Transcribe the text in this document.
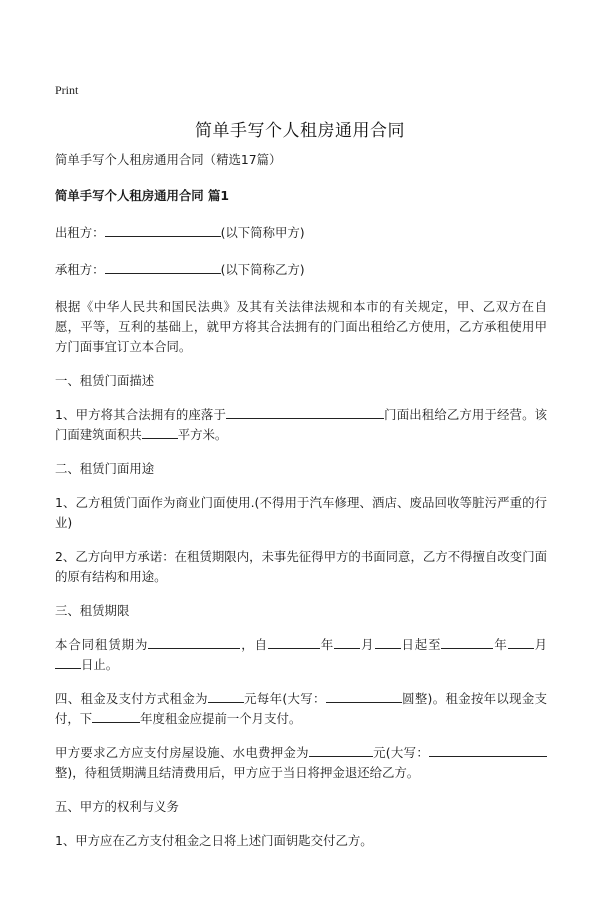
Print
简单手写个人租房通用合同

简单手写个人租房通用合同（精选17篇）

简单手写个人租房通用合同 篇1

出租方：	(以下简称甲方)

承租方：	(以下简称乙方)

根据《中华人民共和国民法典》及其有关法律法规和本市的有关规定，甲、乙双方在自愿，平等，互利的基础上，就甲方将其合法拥有的门面出租给乙方使用，乙方承租使用甲方门面事宜订立本合同。

一、租赁门面描述

1、甲方将其合法拥有的座落于	门面出租给乙方用于经营。该门面建筑面积共	平方米。

二、租赁门面用途

1、乙方租赁门面作为商业门面使用.(不得用于汽车修理、酒店、废品回收等脏污严重的行业)

2、乙方向甲方承诺：在租赁期限内，未事先征得甲方的书面同意，乙方不得擅自改变门面的原有结构和用途。

三、租赁期限

本合同租赁期为	，自	年 月 日起至	年 月日止。

四、租金及支付方式租金为	元每年(大写：	圆整)。租金按年以现金支付，下	年度租金应提前一个月支付。

甲方要求乙方应支付房屋设施、水电费押金为	元(大写：整)，待租赁期满且结清费用后，甲方应于当日将押金退还给乙方。

五、甲方的权利与义务

1、甲方应在乙方支付租金之日将上述门面钥匙交付乙方。
